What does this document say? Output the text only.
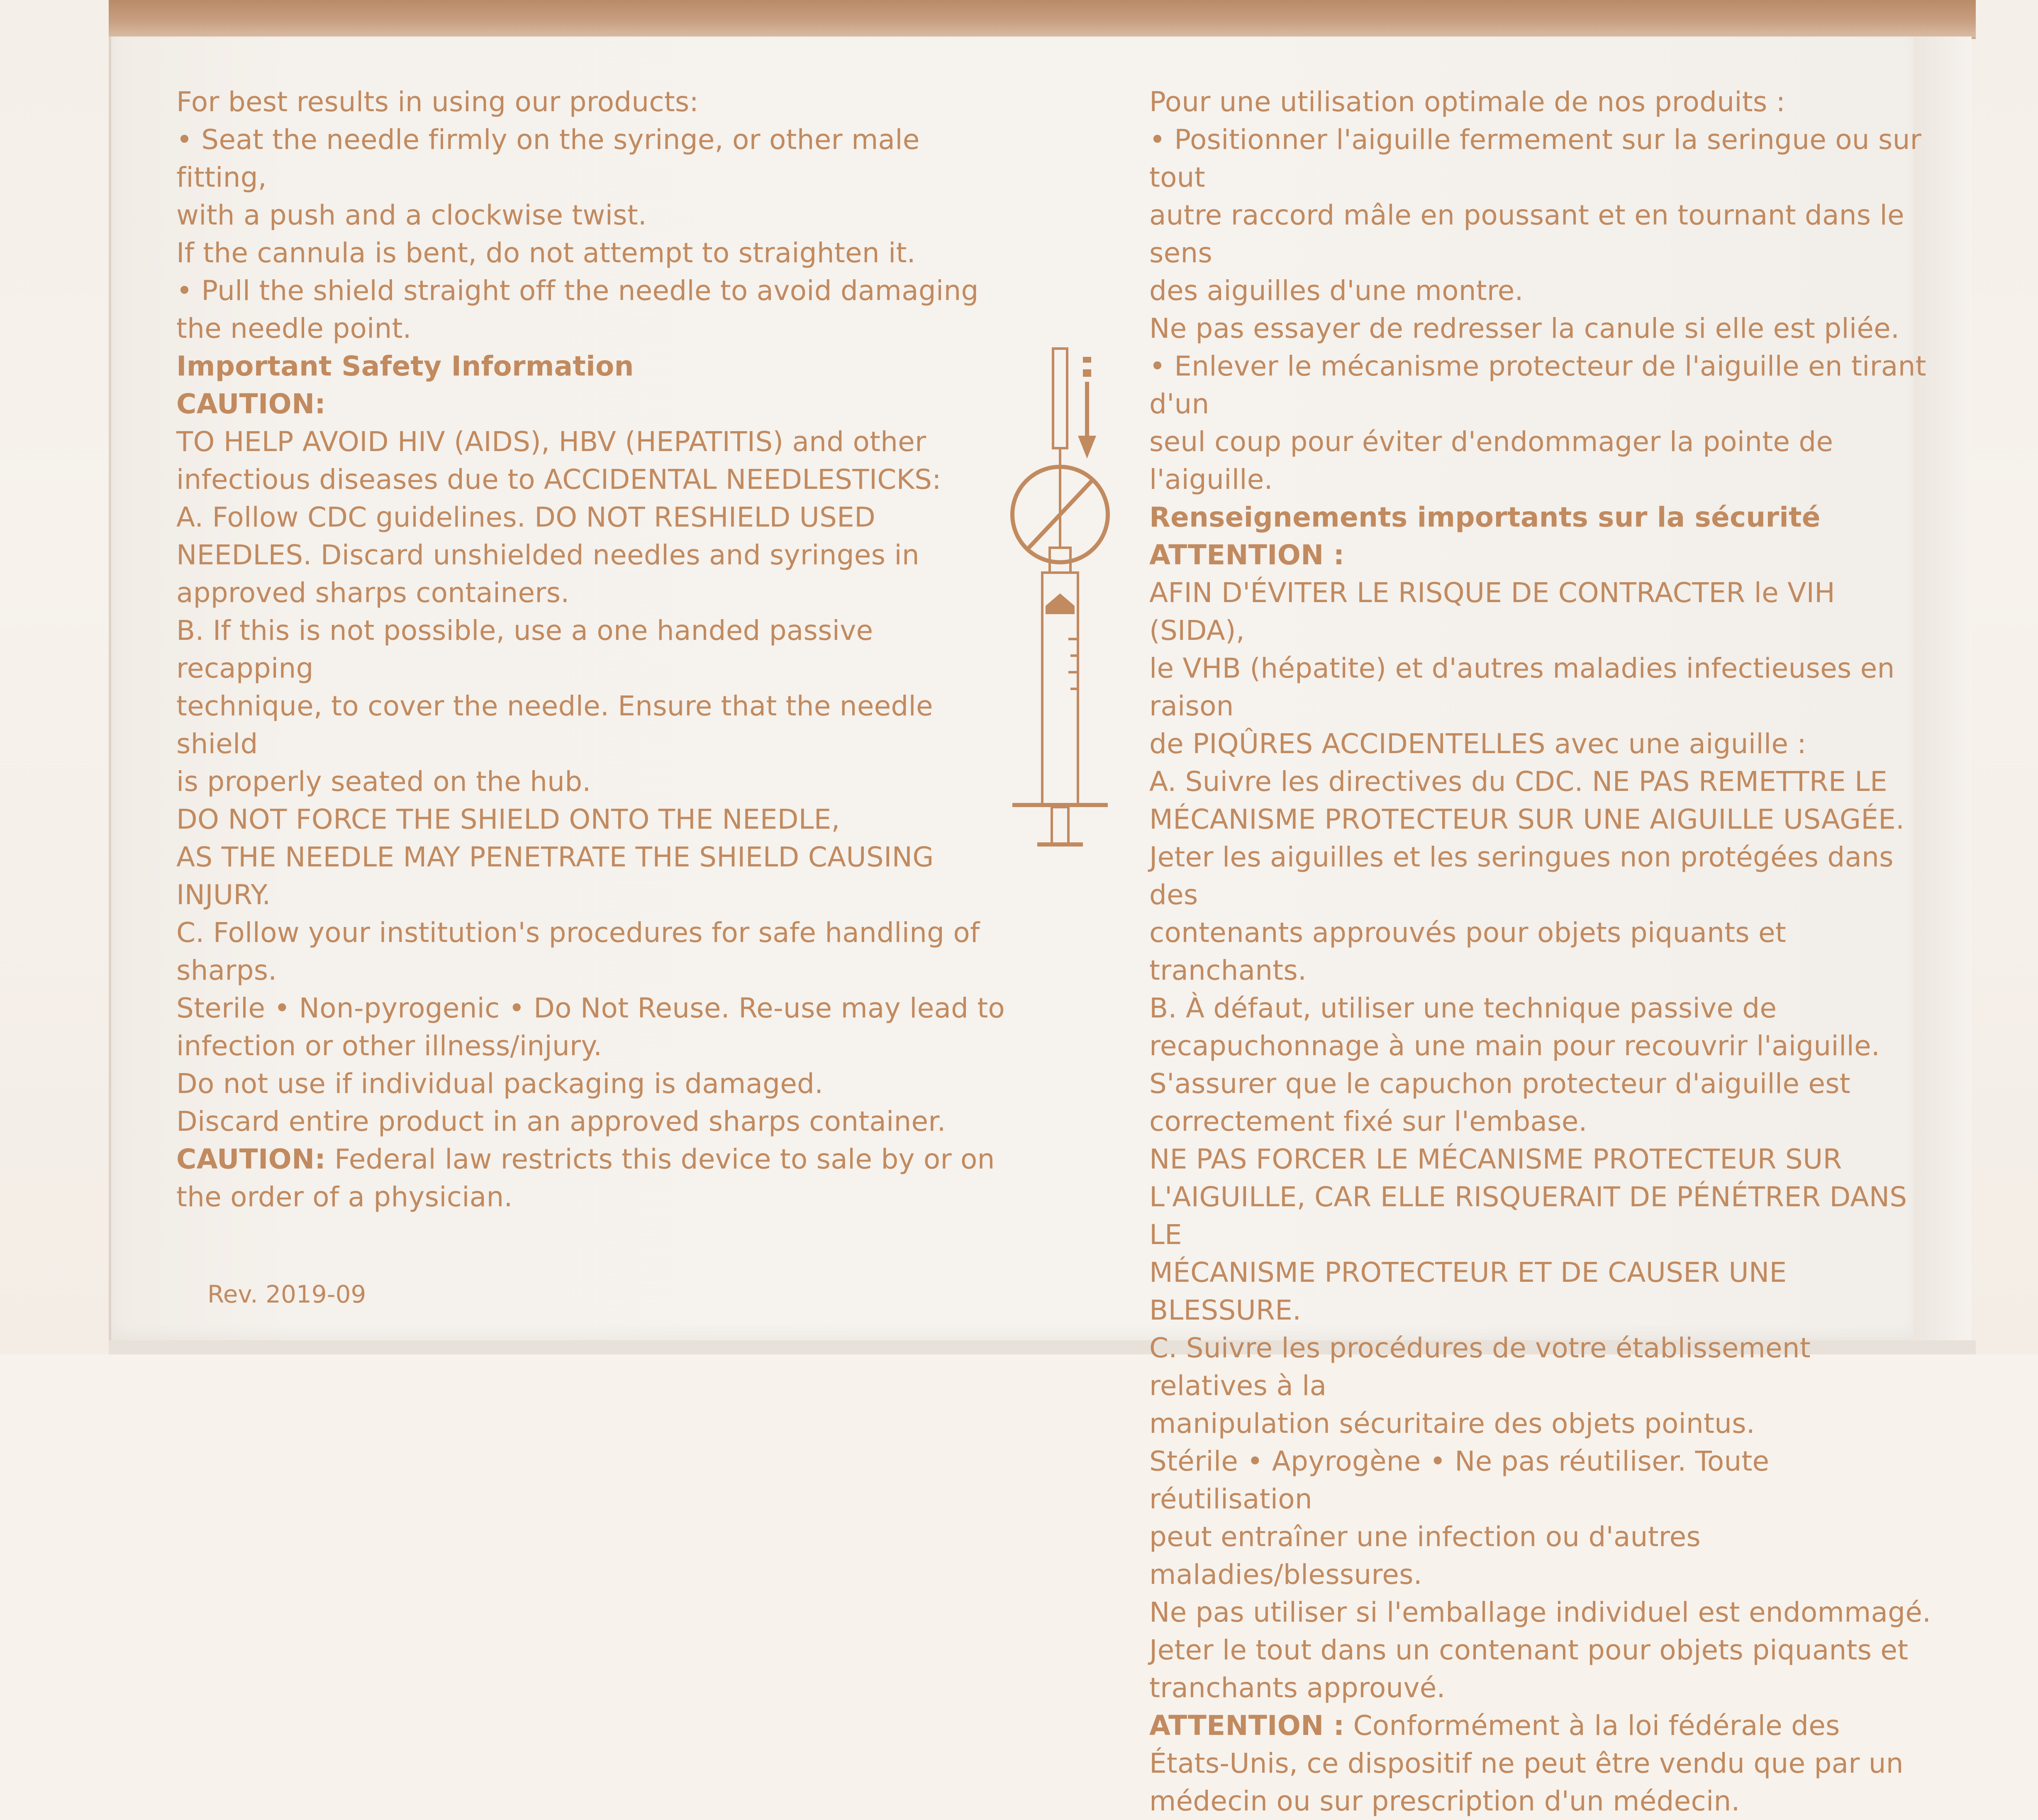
For best results in using our products:

• Seat the needle firmly on the syringe, or other male fitting,

with a push and a clockwise twist.

If the cannula is bent, do not attempt to straighten it.

• Pull the shield straight off the needle to avoid damaging

the needle point.

Important Safety Information

CAUTION:

TO HELP AVOID HIV (AIDS), HBV (HEPATITIS) and other

infectious diseases due to ACCIDENTAL NEEDLESTICKS:

A. Follow CDC guidelines. DO NOT RESHIELD USED

NEEDLES. Discard unshielded needles and syringes in

approved sharps containers.

B. If this is not possible, use a one handed passive recapping

technique, to cover the needle. Ensure that the needle shield

is properly seated on the hub.

DO NOT FORCE THE SHIELD ONTO THE NEEDLE,

AS THE NEEDLE MAY PENETRATE THE SHIELD CAUSING

INJURY.

C. Follow your institution's procedures for safe handling of

sharps.

Sterile • Non-pyrogenic • Do Not Reuse. Re-use may lead to

infection or other illness/injury.

Do not use if individual packaging is damaged.

Discard entire product in an approved sharps container.

CAUTION: Federal law restricts this device to sale by or on

the order of a physician.

Pour une utilisation optimale de nos produits :

• Positionner l'aiguille fermement sur la seringue ou sur tout

autre raccord mâle en poussant et en tournant dans le sens

des aiguilles d'une montre.

Ne pas essayer de redresser la canule si elle est pliée.

• Enlever le mécanisme protecteur de l'aiguille en tirant d'un

seul coup pour éviter d'endommager la pointe de l'aiguille.

Renseignements importants sur la sécurité

ATTENTION :

AFIN D'ÉVITER LE RISQUE DE CONTRACTER le VIH (SIDA),

le VHB (hépatite) et d'autres maladies infectieuses en raison

de PIQÛRES ACCIDENTELLES avec une aiguille :

A. Suivre les directives du CDC. NE PAS REMETTRE LE

MÉCANISME PROTECTEUR SUR UNE AIGUILLE USAGÉE.

Jeter les aiguilles et les seringues non protégées dans des

contenants approuvés pour objets piquants et tranchants.

B. À défaut, utiliser une technique passive de

recapuchonnage à une main pour recouvrir l'aiguille.

S'assurer que le capuchon protecteur d'aiguille est

correctement fixé sur l'embase.

NE PAS FORCER LE MÉCANISME PROTECTEUR SUR

L'AIGUILLE, CAR ELLE RISQUERAIT DE PÉNÉTRER DANS LE

MÉCANISME PROTECTEUR ET DE CAUSER UNE BLESSURE.

C. Suivre les procédures de votre établissement relatives à la

manipulation sécuritaire des objets pointus.

Stérile • Apyrogène • Ne pas réutiliser. Toute réutilisation

peut entraîner une infection ou d'autres maladies/blessures.

Ne pas utiliser si l'emballage individuel est endommagé.

Jeter le tout dans un contenant pour objets piquants et

tranchants approuvé.

ATTENTION : Conformément à la loi fédérale des

États-Unis, ce dispositif ne peut être vendu que par un

médecin ou sur prescription d'un médecin.

Rev. 2019-09
